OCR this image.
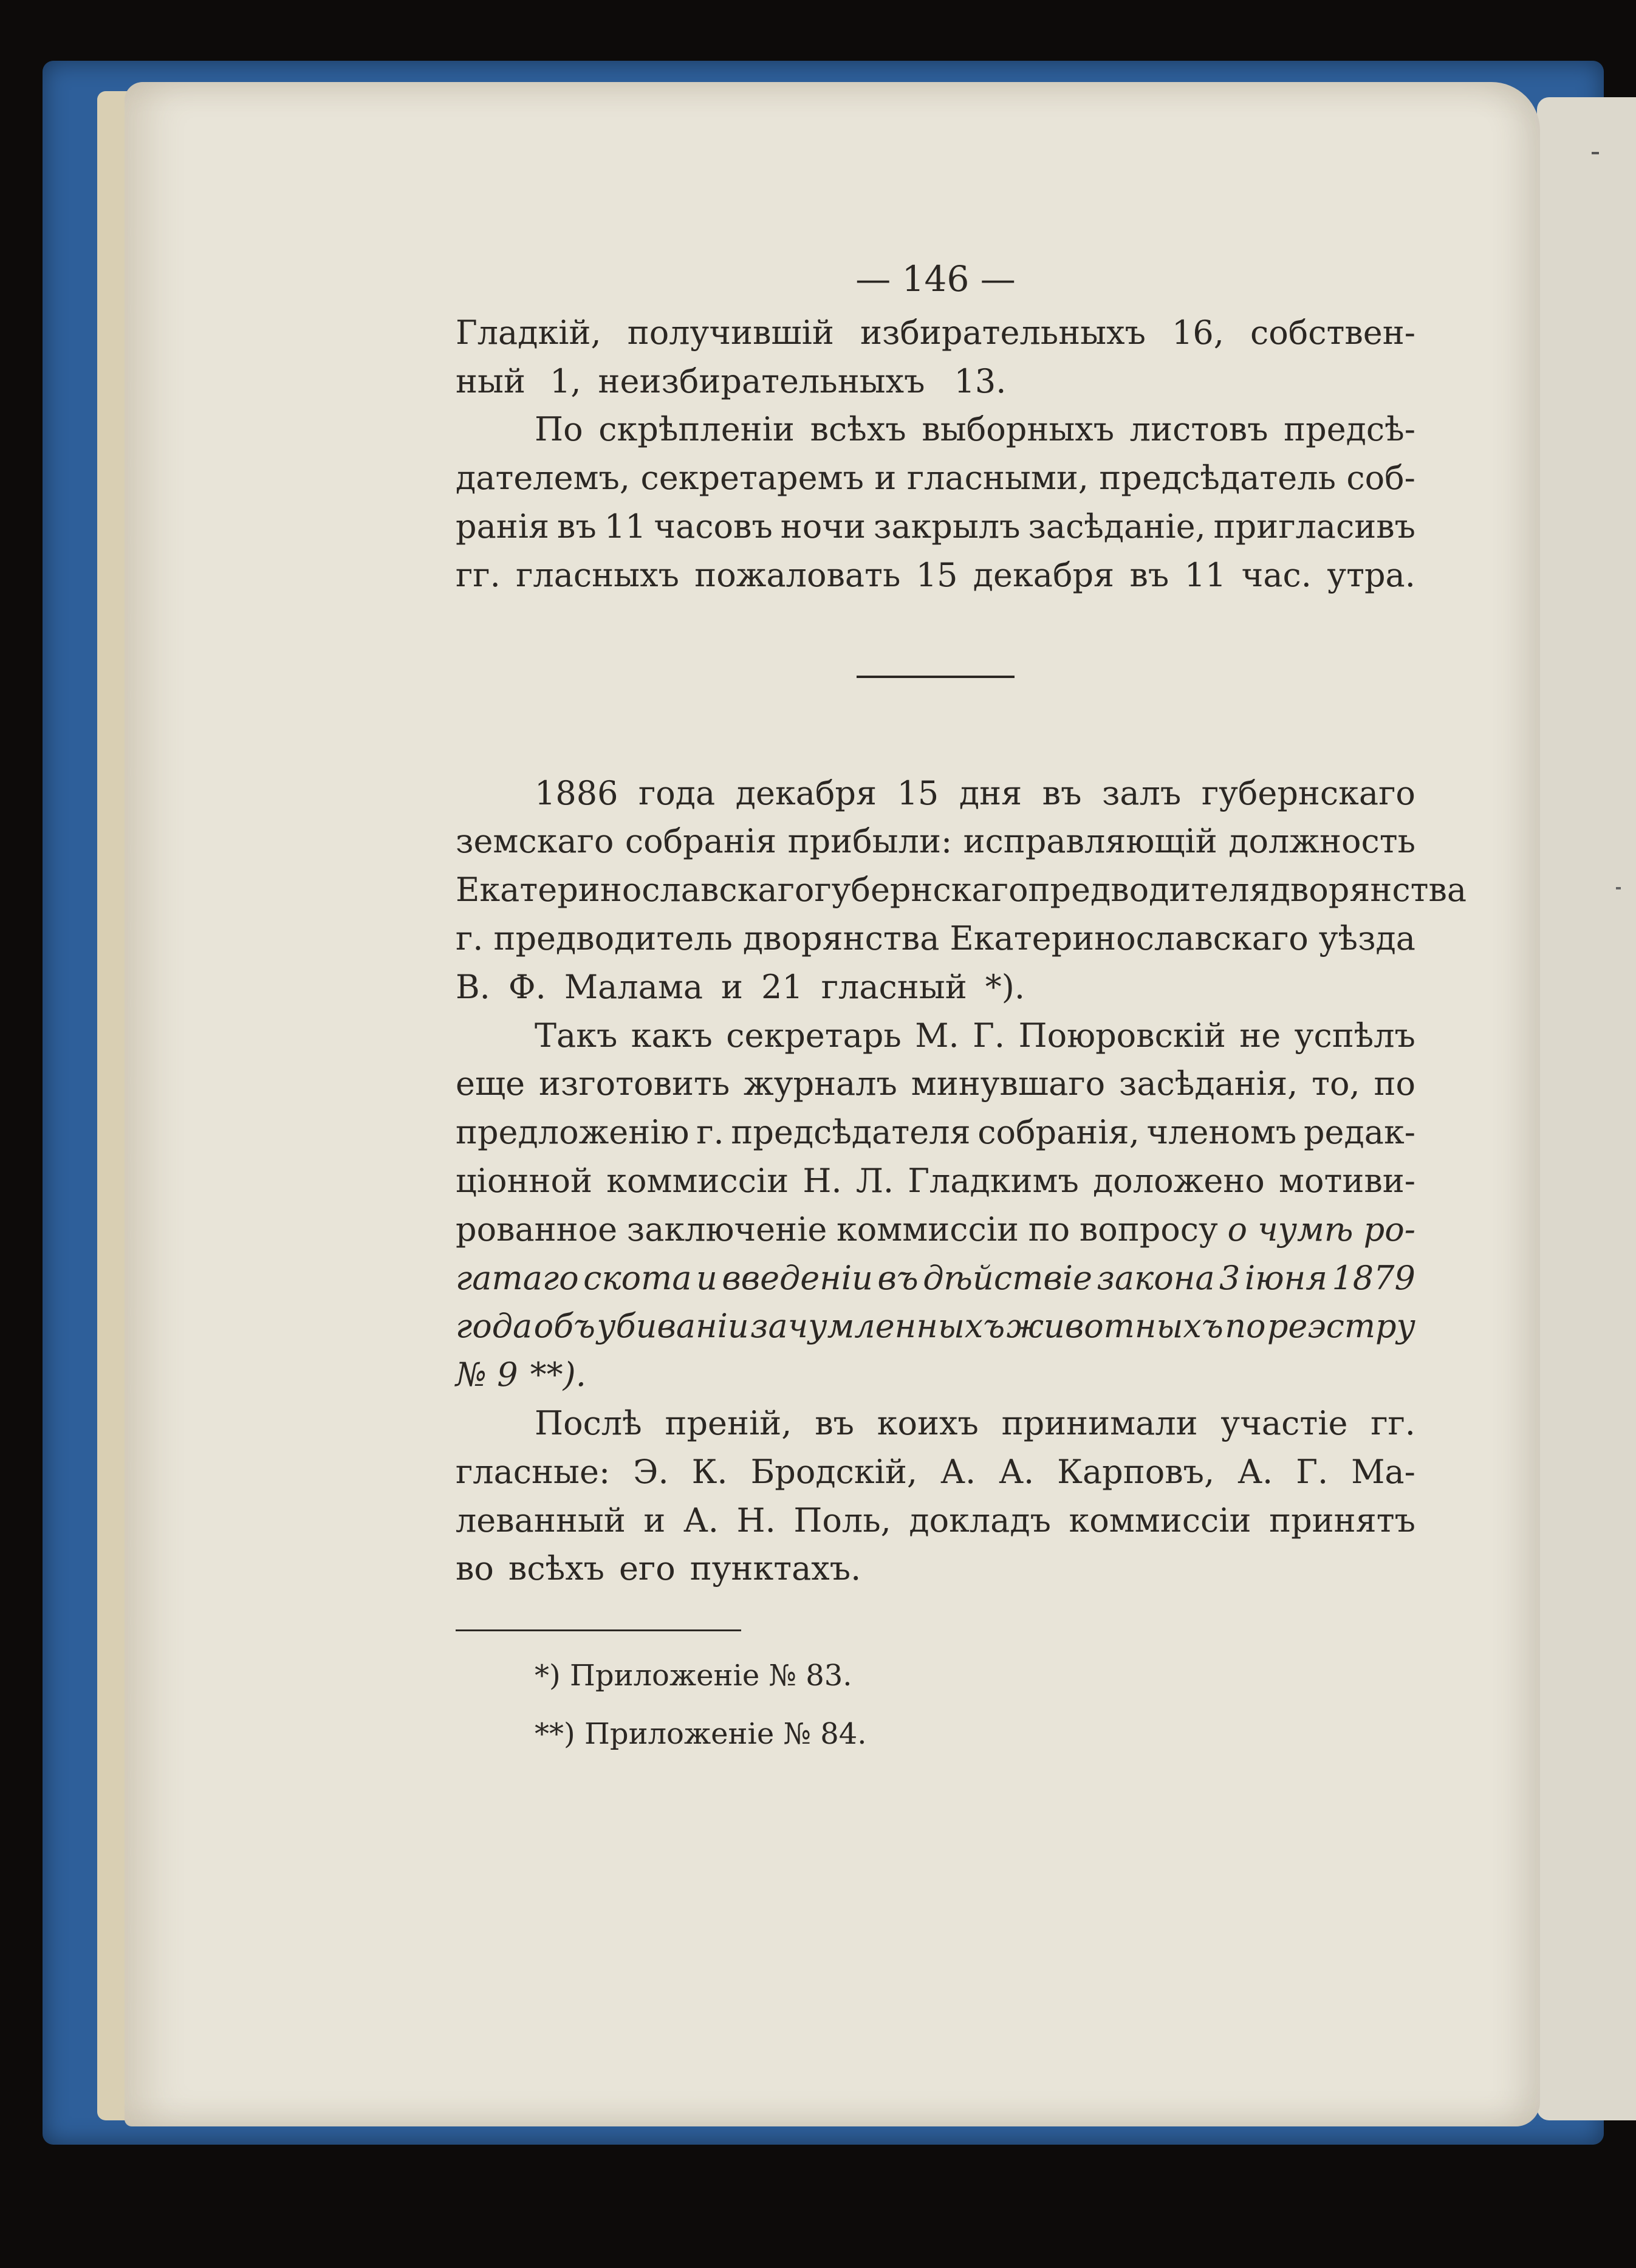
— 146 —
Гладкій, получившій избирательныхъ 16, собствен-
ный 1, неизбирательныхъ 13.
По скрѣпленіи всѣхъ выборныхъ листовъ предсѣ-
дателемъ, секретаремъ и гласными, предсѣдатель соб-
ранія въ 11 часовъ ночи закрылъ засѣданіе, пригласивъ
гг. гласныхъ пожаловать 15 декабря въ 11 час. утра.
1886 года декабря 15 дня въ залъ губернскаго
земскаго собранія прибыли: исправляющій должность
Екатеринославскаго губернскаго предводителя дворянства
г. предводитель дворянства Екатеринославскаго уѣзда
В. Ф. Малама и 21 гласный *).
Такъ какъ секретарь М. Г. Поюровскій не успѣлъ
еще изготовить журналъ минувшаго засѣданія, то, по
предложенію г. предсѣдателя собранія, членомъ редак-
ціонной коммиссіи Н. Л. Гладкимъ доложено мотиви-
рованное заключеніе коммиссіи по вопросу о чумѣ ро-
гатаго скота и введеніи въ дѣйствіе закона 3 іюня 1879
года объ убиваніи зачумленныхъ животныхъ по реэстру
№ 9 **).
Послѣ преній, въ коихъ принимали участіе гг.
гласные: Э. К. Бродскій, А. А. Карповъ, А. Г. Ма-
леванный и А. Н. Поль, докладъ коммиссіи принятъ
во всѣхъ его пунктахъ.
*) Приложеніе № 83.
**) Приложеніе № 84.
